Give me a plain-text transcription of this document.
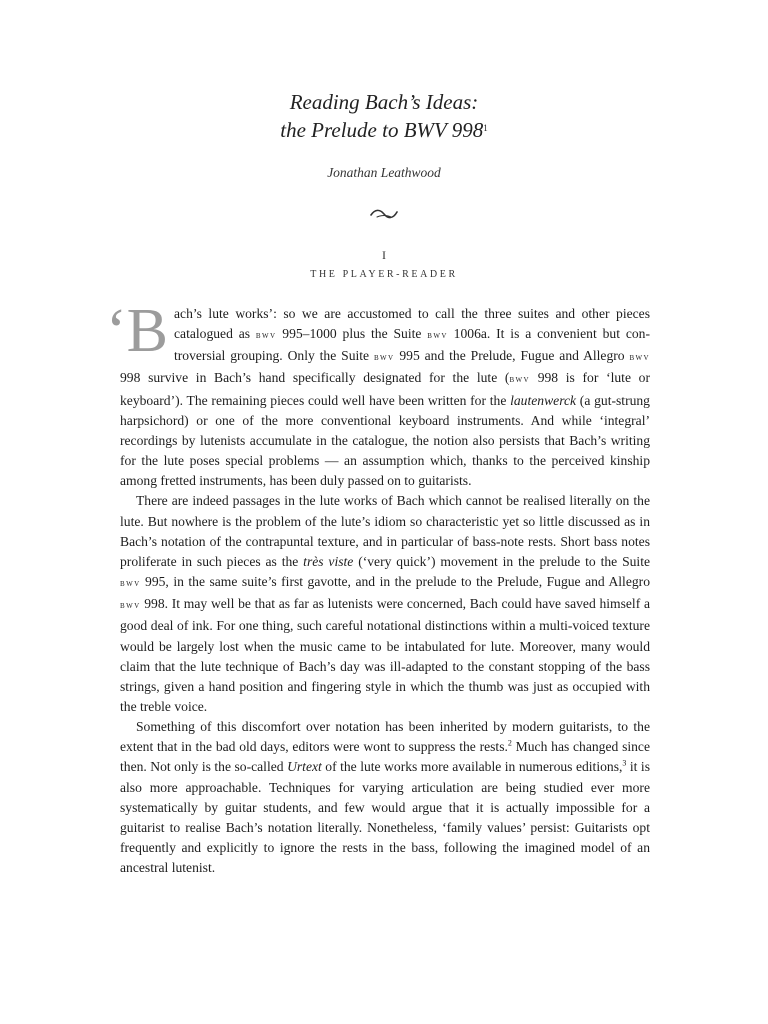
Reading Bach’s Ideas:
the Prelude to BWV $998^1$
Jonathan Leathwood
I
THE PLAYER-READER

‘Bach’s lute works’: so we are accustomed to call the three suites and other pieces catalogued as bwv 995–1000 plus the Suite bwv 1006a. It is a convenient but controversial grouping. Only the Suite bwv 995 and the Prelude, Fugue and Allegro bwv 998 survive in Bach’s hand specifically designated for the lute (bwv 998 is for ‘lute or keyboard’). The remaining pieces could well have been written for the lautenwerck (a gut-strung harpsichord) or one of the more conventional keyboard instruments. And while ‘integral’ recordings by lutenists accumulate in the catalogue, the notion also persists that Bach’s writing for the lute poses special problems — an assumption which, thanks to the perceived kinship among fretted instruments, has been duly passed on to guitarists.

There are indeed passages in the lute works of Bach which cannot be realised literally on the lute. But nowhere is the problem of the lute’s idiom so characteristic yet so little discussed as in Bach’s notation of the contrapuntal texture, and in particular of bass-note rests. Short bass notes proliferate in such pieces as the très viste (‘very quick’) movement in the prelude to the Suite bwv 995, in the same suite’s first gavotte, and in the prelude to the Prelude, Fugue and Allegro bwv 998. It may well be that as far as lutenists were concerned, Bach could have saved himself a good deal of ink. For one thing, such careful notational distinctions within a multi-voiced texture would be largely lost when the music came to be intabulated for lute. Moreover, many would claim that the lute technique of Bach’s day was ill-adapted to the constant stopping of the bass strings, given a hand position and fingering style in which the thumb was just as occupied with the treble voice.

Something of this discomfort over notation has been inherited by modern guitarists, to the extent that in the bad old days, editors were wont to suppress the rests.$^2$ Much has changed since then. Not only is the so-called Urtext of the lute works more available in numerous editions,$^3$ it is also more approachable. Techniques for varying articulation are being studied ever more systematically by guitar students, and few would argue that it is actually impossible for a guitarist to realise Bach’s notation literally. Nonetheless, ‘family values’ persist: Guitarists opt frequently and explicitly to ignore the rests in the bass, following the imagined model of an ancestral lutenist.
